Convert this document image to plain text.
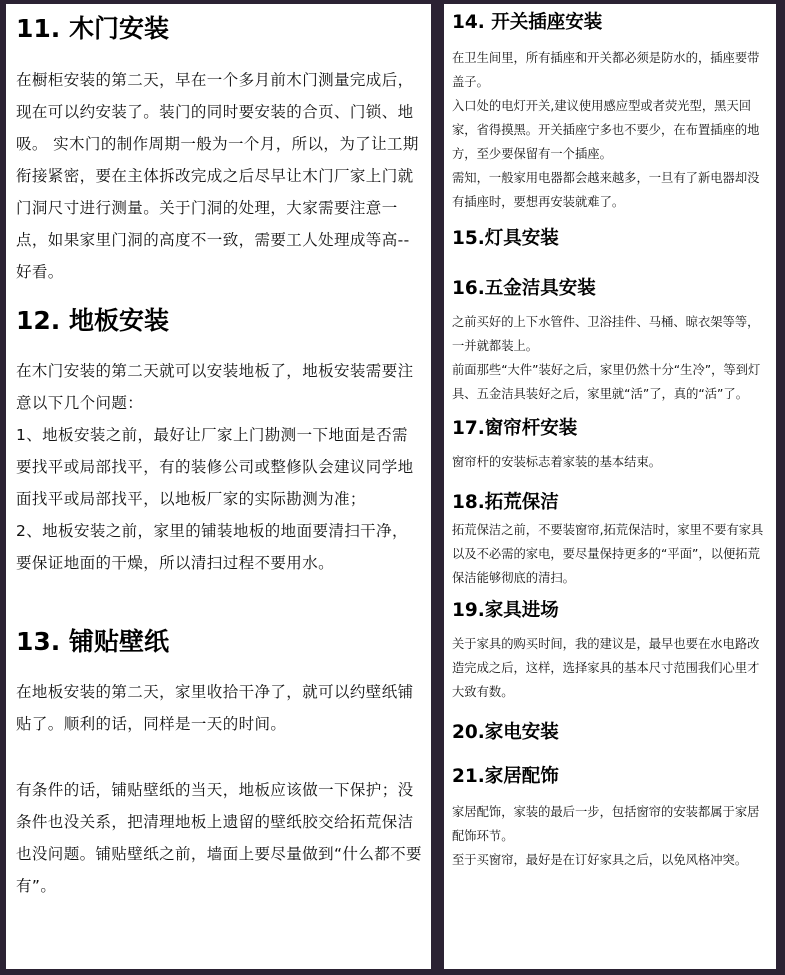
11. 木门安装

在橱柜安装的第二天，早在一个多月前木门测量完成后，现在可以约安装了。装门的同时要安装的合页、门锁、地吸。 实木门的制作周期一般为一个月，所以，为了让工期衔接紧密，要在主体拆改完成之后尽早让木门厂家上门就门洞尺寸进行测量。关于门洞的处理，大家需要注意一点，如果家里门洞的高度不一致，需要工人处理成等高--好看。

12. 地板安装

在木门安装的第二天就可以安装地板了，地板安装需要注意以下几个问题：

1、地板安装之前，最好让厂家上门勘测一下地面是否需要找平或局部找平，有的装修公司或整修队会建议同学地面找平或局部找平，以地板厂家的实际勘测为准；

2、地板安装之前，家里的铺装地板的地面要清扫干净，要保证地面的干燥，所以清扫过程不要用水。

13. 铺贴壁纸

在地板安装的第二天，家里收拾干净了，就可以约壁纸铺贴了。顺利的话，同样是一天的时间。

有条件的话，铺贴壁纸的当天，地板应该做一下保护；没条件也没关系，把清理地板上遗留的壁纸胶交给拓荒保洁也没问题。铺贴壁纸之前，墙面上要尽量做到“什么都不要有”。

14. 开关插座安装

在卫生间里，所有插座和开关都必须是防水的，插座要带盖子。

入口处的电灯开关,建议使用感应型或者荧光型，黑天回家，省得摸黑。开关插座宁多也不要少，在布置插座的地方，至少要保留有一个插座。

需知，一般家用电器都会越来越多，一旦有了新电器却没有插座时，要想再安装就难了。

15.灯具安装
16.五金洁具安装

之前买好的上下水管件、卫浴挂件、马桶、晾衣架等等，一并就都装上。

前面那些“大件”装好之后，家里仍然十分“生冷”，等到灯具、五金洁具装好之后，家里就“活”了，真的“活”了。

17.窗帘杆安装

窗帘杆的安装标志着家装的基本结束。

18.拓荒保洁

拓荒保洁之前，不要装窗帘,拓荒保洁时，家里不要有家具以及不必需的家电，要尽量保持更多的“平面”，以便拓荒保洁能够彻底的清扫。

19.家具进场

关于家具的购买时间，我的建议是，最早也要在水电路改造完成之后，这样，选择家具的基本尺寸范围我们心里才大致有数。

20.家电安装
21.家居配饰

家居配饰，家装的最后一步，包括窗帘的安装都属于家居配饰环节。

至于买窗帘，最好是在订好家具之后，以免风格冲突。
